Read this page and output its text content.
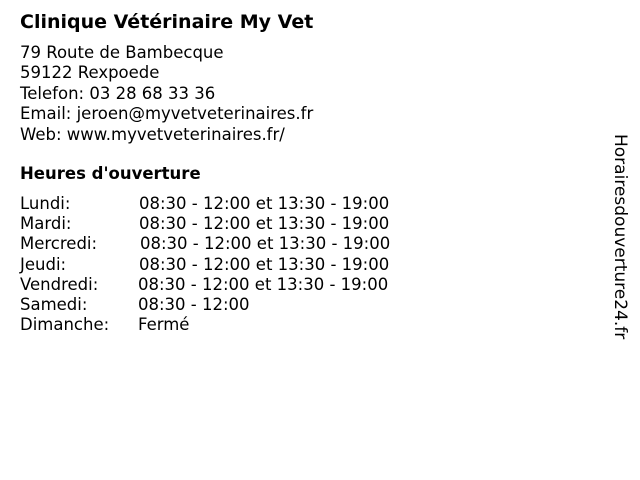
Clinique Vétérinaire My Vet
79 Route de Bambecque
59122 Rexpoede
Telefon: 03 28 68 33 36
Email: jeroen@myvetveterinaires.fr
Web: www.myvetveterinaires.fr/
Heures d'ouverture
Lundi:	08:30 - 12:00 et 13:30 - 19:00
Mardi:	08:30 - 12:00 et 13:30 - 19:00
Mercredi:	08:30 - 12:00 et 13:30 - 19:00
Jeudi:	08:30 - 12:00 et 13:30 - 19:00
Vendredi: 08:30 - 12:00 et 13:30 - 19:00
Samedi:	08:30 - 12:00
Dimanche: Fermé	Horairesdouverture24.fr
